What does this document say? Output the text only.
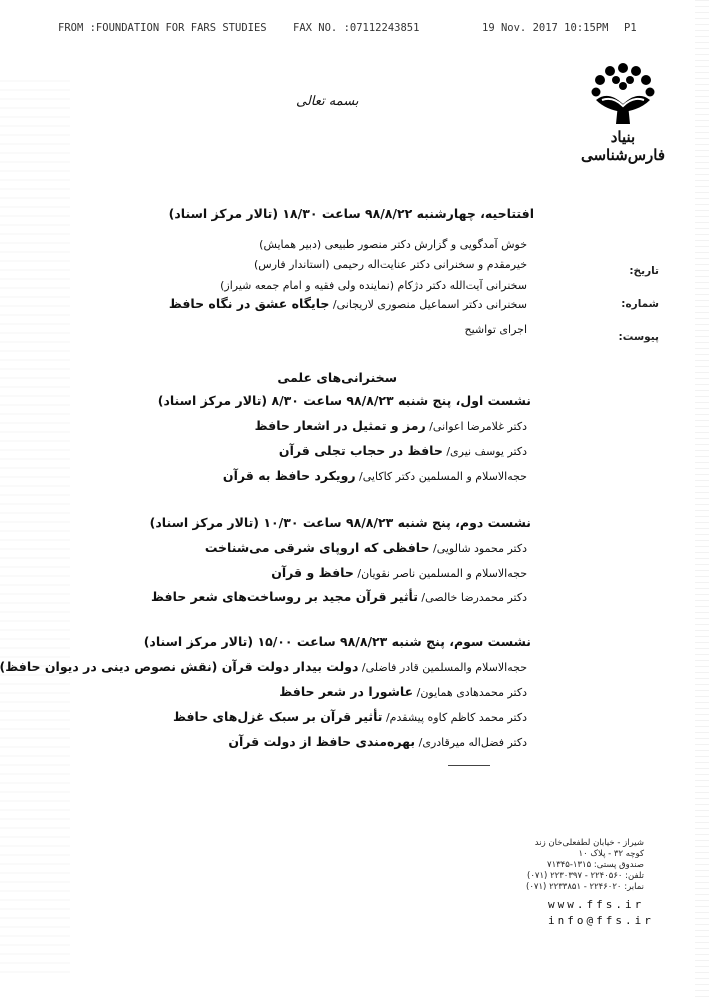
FROM :FOUNDATION FOR FARS STUDIES	FAX NO. :07112243851	19 Nov. 2017 10:15PM P1
بنیاد فارس‌شناسی
بسمه تعالی
افتتاحیه، چهارشنبه ۹۸/۸/۲۲ ساعت ۱۸/۳۰ (تالار مرکز اسناد)
خوش آمدگویی و گزارش دکتر منصور طبیعی (دبیر همایش)
خیرمقدم و سخنرانی دکتر عنایت‌اله رحیمی (استاندار فارس)
سخنرانی آیت‌الله دکتر دژکام (نماینده ولی فقیه و امام جمعه شیراز)
سخنرانی دکتر اسماعیل منصوری لاریجانی/ جایگاه عشق در نگاه حافظ
اجرای تواشیح
تاریخ:
شماره:
پیوست:
سخنرانی‌های علمی
نشست اول، پنج شنبه ۹۸/۸/۲۳ ساعت ۸/۳۰ (تالار مرکز اسناد)
دکتر غلامرضا اعوانی/ رمز و تمثیل در اشعار حافظ
دکتر یوسف نیری/ حافظ در حجاب تجلی قرآن
حجه‌الاسلام و المسلمین دکتر کاکایی/ رویکرد حافظ به قرآن
نشست دوم، پنج شنبه ۹۸/۸/۲۳ ساعت ۱۰/۳۰ (تالار مرکز اسناد)
دکتر محمود شالویی/ حافظی که اروپای شرقی می‌شناخت
حجه‌الاسلام و المسلمین ناصر نقویان/ حافظ و قرآن
دکتر محمدرضا خالصی/ تأثیر قرآن مجید بر روساخت‌های شعر حافظ
نشست سوم، پنج شنبه ۹۸/۸/۲۳ ساعت ۱۵/۰۰ (تالار مرکز اسناد)
حجه‌الاسلام والمسلمین قادر فاضلی/ دولت بیدار دولت قرآن (نقش نصوص دینی در دیوان حافظ)
دکتر محمدهادی همایون/ عاشورا در شعر حافظ
دکتر محمد کاظم کاوه پیشقدم/ تأثیر قرآن بر سبک غزل‌های حافظ
دکتر فضل‌اله میرقادری/ بهره‌مندی حافظ از دولت قرآن
شیراز - خیابان لطفعلی‌خان زند
کوچه ۳۲ - پلاک ۱۰
صندوق پستی: ۱۳۱۵-۷۱۳۴۵
تلفن: ۲۲۴۰۵۶۰ - ۲۲۳۰۳۹۷ (۰۷۱)
نمابر: ۲۲۴۶۰۲۰ - ۲۲۳۳۸۵۱ (۰۷۱)
www.ffs.ir
info@ffs.ir
